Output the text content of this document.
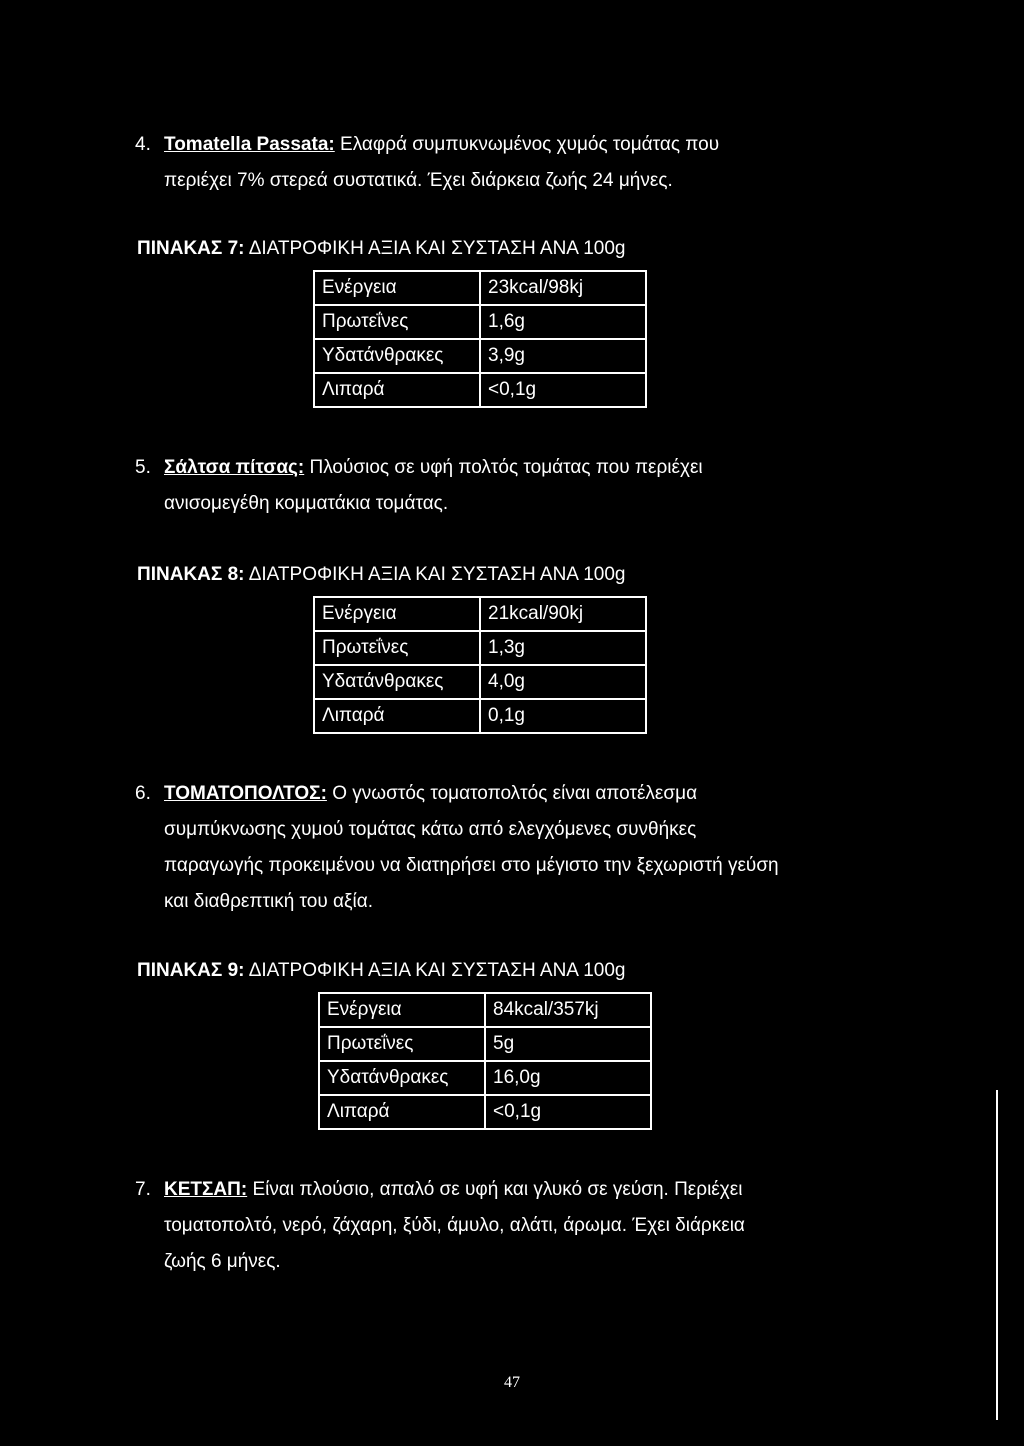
4. Tomatella Passata: Ελαφρά συμπυκνωμένος χυμός τομάτας που
περιέχει 7% στερεά συστατικά. Έχει διάρκεια ζωής 24 μήνες.
ΠΙΝΑΚΑΣ 7: ΔΙΑΤΡΟΦΙΚΗ ΑΞΙΑ ΚΑΙ ΣΥΣΤΑΣΗ ΑΝΑ 100g
Ενέργεια	23kcal/98kj
Πρωτεΐνες	1,6g
Υδατάνθρακες	3,9g
Λιπαρά	<0,1g
5. Σάλτσα πίτσας: Πλούσιος σε υφή πολτός τομάτας που περιέχει
ανισομεγέθη κομματάκια τομάτας.
ΠΙΝΑΚΑΣ 8: ΔΙΑΤΡΟΦΙΚΗ ΑΞΙΑ ΚΑΙ ΣΥΣΤΑΣΗ ΑΝΑ 100g
Ενέργεια	21kcal/90kj
Πρωτεΐνες	1,3g
Υδατάνθρακες	4,0g
Λιπαρά	0,1g
6. ΤΟΜΑΤΟΠΟΛΤΟΣ: Ο γνωστός τοματοπολτός είναι αποτέλεσμα
συμπύκνωσης χυμού τομάτας κάτω από ελεγχόμενες συνθήκες
παραγωγής προκειμένου να διατηρήσει στο μέγιστο την ξεχωριστή γεύση
και διαθρεπτική του αξία.
ΠΙΝΑΚΑΣ 9: ΔΙΑΤΡΟΦΙΚΗ ΑΞΙΑ ΚΑΙ ΣΥΣΤΑΣΗ ΑΝΑ 100g
Ενέργεια	84kcal/357kj
Πρωτεΐνες	5g
Υδατάνθρακες	16,0g
Λιπαρά	<0,1g
7. ΚΕΤΣΑΠ: Είναι πλούσιο, απαλό σε υφή και γλυκό σε γεύση. Περιέχει
τοματοπολτό, νερό, ζάχαρη, ξύδι, άμυλο, αλάτι, άρωμα. Έχει διάρκεια
ζωής 6 μήνες.
47
